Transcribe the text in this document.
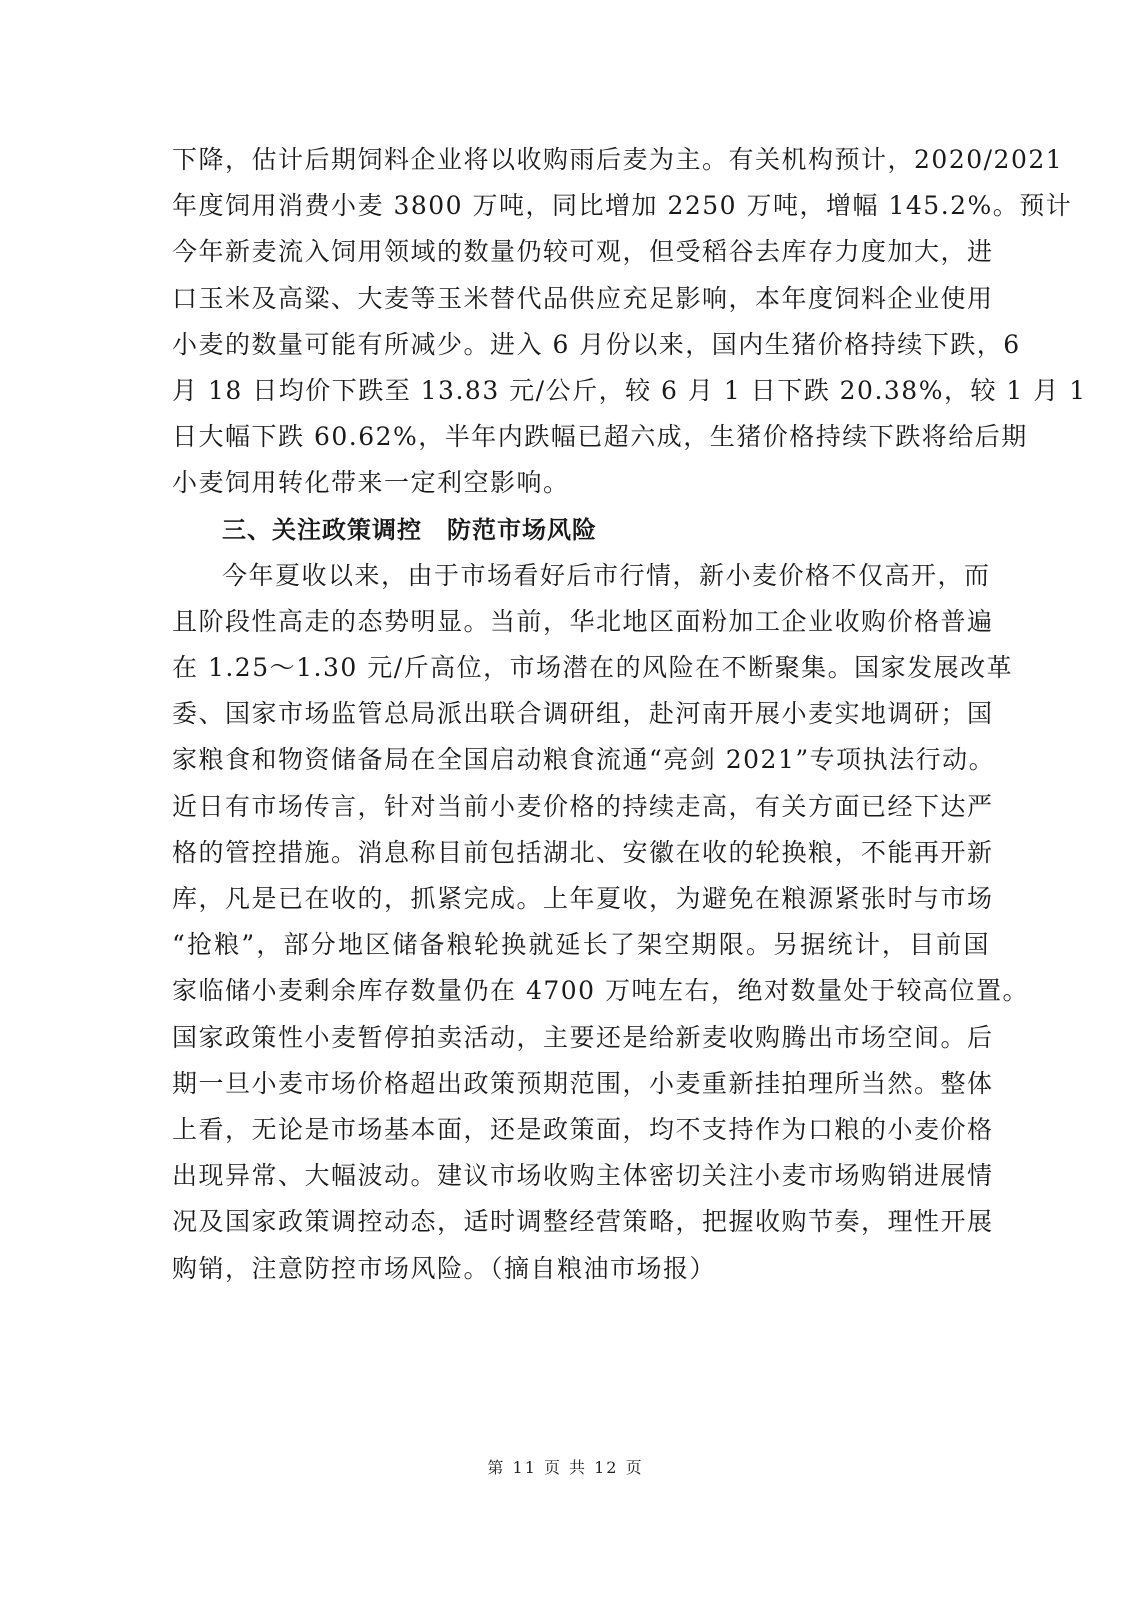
下降，估计后期饲料企业将以收购雨后麦为主。有关机构预计，2020/2021
年度饲用消费小麦 3800 万吨，同比增加 2250 万吨，增幅 145.2%。预计
今年新麦流入饲用领域的数量仍较可观，但受稻谷去库存力度加大，进
口玉米及高粱、大麦等玉米替代品供应充足影响，本年度饲料企业使用
小麦的数量可能有所减少。进入 6 月份以来，国内生猪价格持续下跌，6
月 18 日均价下跌至 13.83 元/公斤，较 6 月 1 日下跌 20.38%，较 1 月 1
日大幅下跌 60.62%，半年内跌幅已超六成，生猪价格持续下跌将给后期
小麦饲用转化带来一定利空影响。
三、关注政策调控　防范市场风险
今年夏收以来，由于市场看好后市行情，新小麦价格不仅高开，而
且阶段性高走的态势明显。当前，华北地区面粉加工企业收购价格普遍
在 1.25～1.30 元/斤高位，市场潜在的风险在不断聚集。国家发展改革
委、国家市场监管总局派出联合调研组，赴河南开展小麦实地调研；国
家粮食和物资储备局在全国启动粮食流通“亮剑 2021”专项执法行动。
近日有市场传言，针对当前小麦价格的持续走高，有关方面已经下达严
格的管控措施。消息称目前包括湖北、安徽在收的轮换粮，不能再开新
库，凡是已在收的，抓紧完成。上年夏收，为避免在粮源紧张时与市场
“抢粮”，部分地区储备粮轮换就延长了架空期限。另据统计，目前国
家临储小麦剩余库存数量仍在 4700 万吨左右，绝对数量处于较高位置。
国家政策性小麦暂停拍卖活动，主要还是给新麦收购腾出市场空间。后
期一旦小麦市场价格超出政策预期范围，小麦重新挂拍理所当然。整体
上看，无论是市场基本面，还是政策面，均不支持作为口粮的小麦价格
出现异常、大幅波动。建议市场收购主体密切关注小麦市场购销进展情
况及国家政策调控动态，适时调整经营策略，把握收购节奏，理性开展
购销，注意防控市场风险。（摘自粮油市场报）
第 11 页 共 12 页
